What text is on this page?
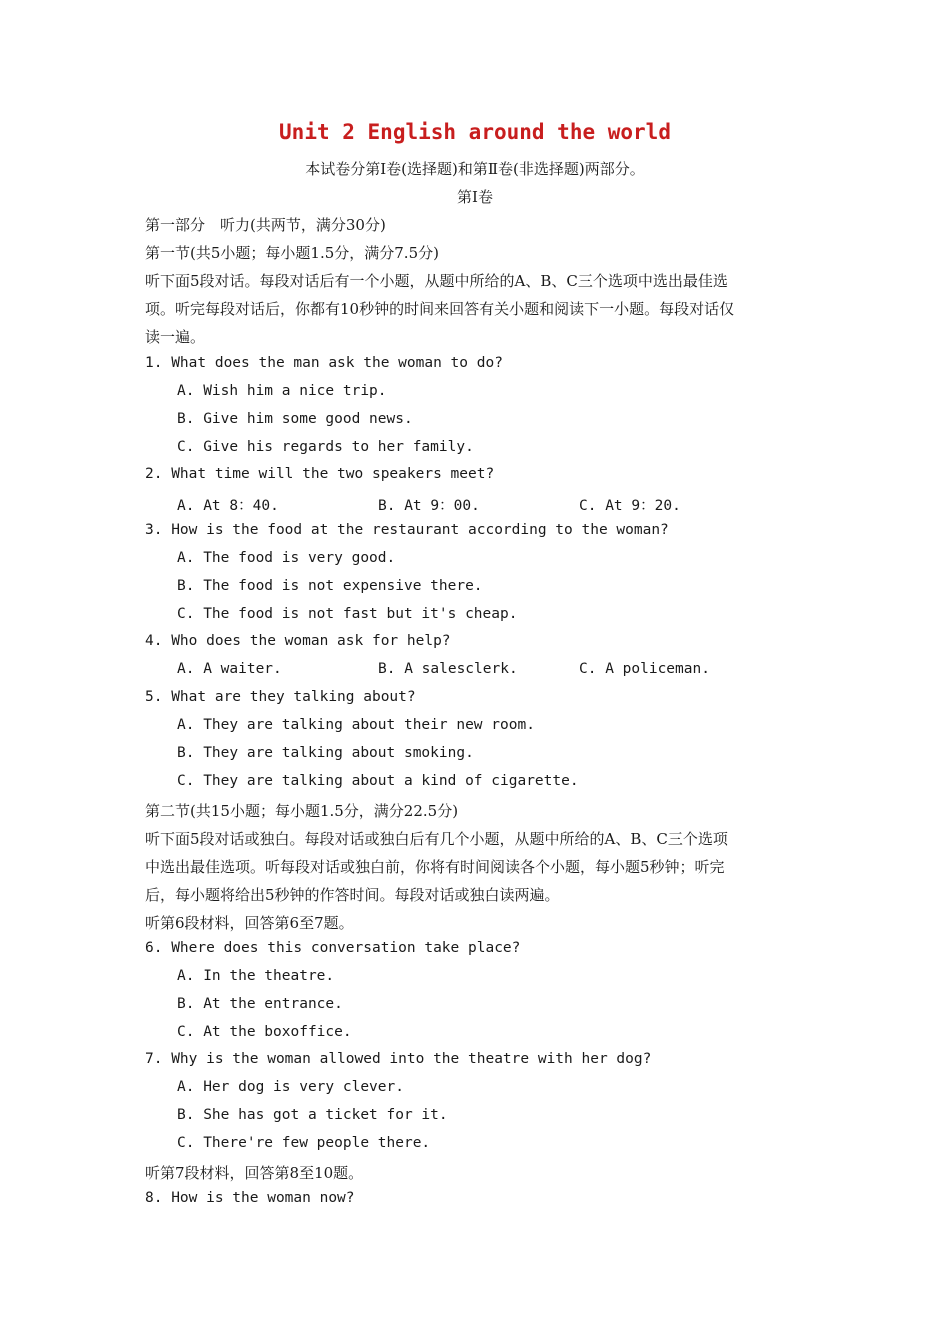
Unit 2 English around the world
本试卷分第Ⅰ卷(选择题)和第Ⅱ卷(非选择题)两部分。
第Ⅰ卷
第一部分　听力(共两节，满分30分)
第一节(共5小题；每小题1.5分，满分7.5分)
听下面5段对话。每段对话后有一个小题，从题中所给的A、B、C三个选项中选出最佳选
项。听完每段对话后，你都有10秒钟的时间来回答有关小题和阅读下一小题。每段对话仅
读一遍。
1. What does the man ask the woman to do?
A. Wish him a nice trip.
B. Give him some good news.
C. Give his regards to her family.
2. What time will the two speakers meet?
A. At 8：40.	B. At 9：00.	C. At 9：20.
3. How is the food at the restaurant according to the woman?
A. The food is very good.
B. The food is not expensive there.
C. The food is not fast but it's cheap.
4. Who does the woman ask for help?
A. A waiter.	B. A salesclerk.	C. A policeman.
5. What are they talking about?
A. They are talking about their new room.
B. They are talking about smoking.
C. They are talking about a kind of cigarette.
第二节(共15小题；每小题1.5分，满分22.5分)
听下面5段对话或独白。每段对话或独白后有几个小题，从题中所给的A、B、C三个选项
中选出最佳选项。听每段对话或独白前，你将有时间阅读各个小题，每小题5秒钟；听完
后，每小题将给出5秒钟的作答时间。每段对话或独白读两遍。
听第6段材料，回答第6至7题。
6. Where does this conversation take place?
A. In the theatre.
B. At the entrance.
C. At the boxoffice.
7. Why is the woman allowed into the theatre with her dog?
A. Her dog is very clever.
B. She has got a ticket for it.
C. There're few people there.
听第7段材料，回答第8至10题。
8. How is the woman now?
